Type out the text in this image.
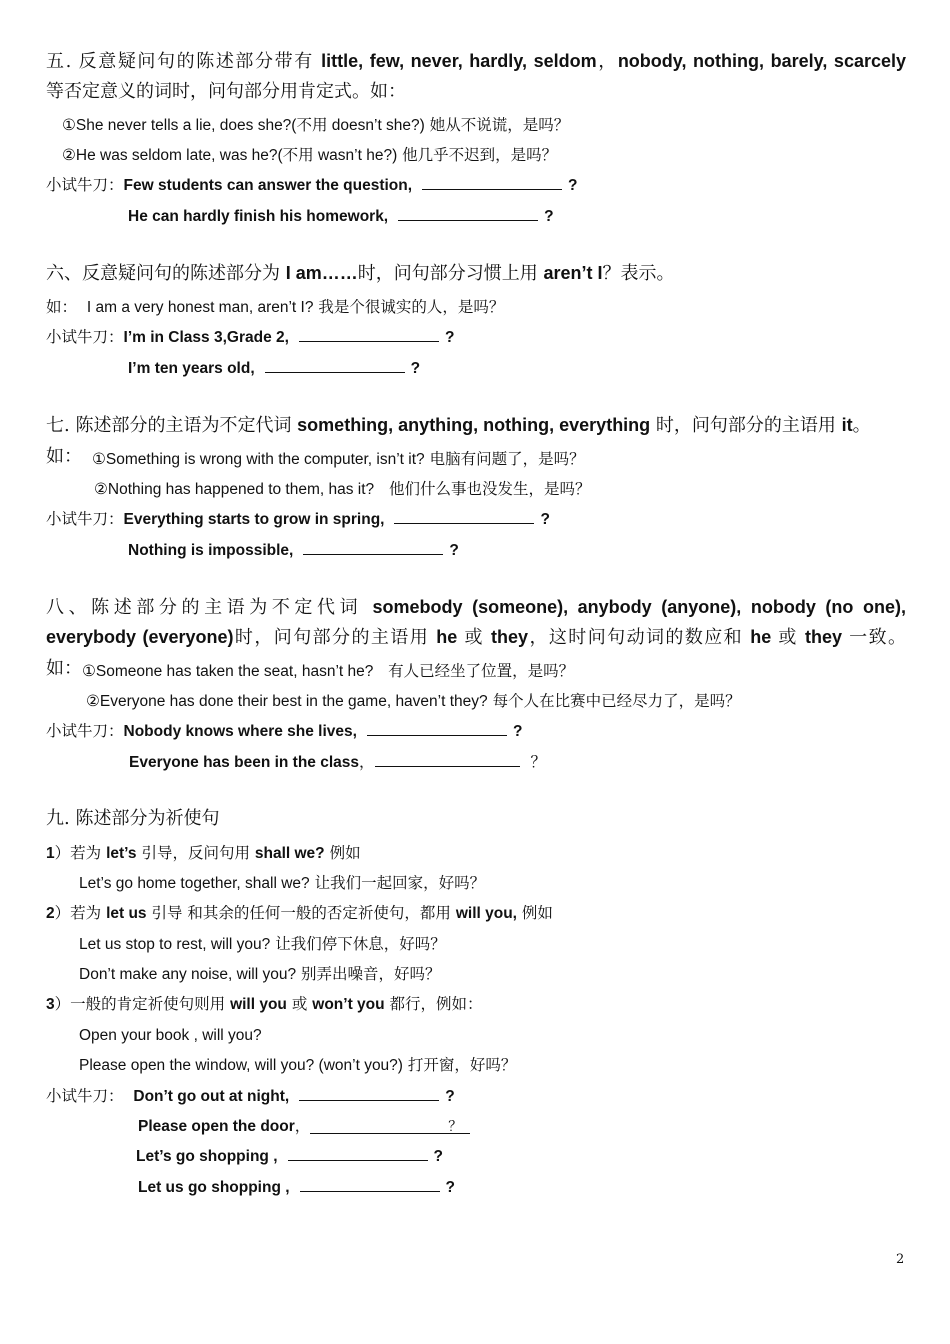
五. 反意疑问句的陈述部分带有 little, few, never, hardly, seldom，nobody, nothing, barely, scarcely
等否定意义的词时，问句部分用肯定式。如：
①She never tells a lie, does she?(不用 doesn’t she?) 她从不说谎，是吗？
②He was seldom late, was he?(不用 wasn’t he?) 他几乎不迟到，是吗？
小试牛刀：Few students can answer the question,	?
He can hardly finish his homework,	?
六、反意疑问句的陈述部分为 I am……时，问句部分习惯上用 aren’t I？表示。
如： I am a very honest man, aren’t I? 我是个很诚实的人，是吗？
小试牛刀：I’m in Class 3,Grade 2,	?
I’m ten years old,	?
七. 陈述部分的主语为不定代词 something, anything, nothing, everything 时，问句部分的主语用 it。
如： ①Something is wrong with the computer, isn’t it? 电脑有问题了，是吗？
②Nothing has happened to them, has it? 他们什么事也没发生，是吗？
小试牛刀：Everything starts to grow in spring,	?
Nothing is impossible,	?
八、陈述部分的主语为不定代词 somebody (someone), anybody (anyone), nobody (no one),
everybody (everyone)时，问句部分的主语用 he 或 they，这时问句动词的数应和 he 或 they 一致。
如： ①Someone has taken the seat, hasn’t he? 有人已经坐了位置，是吗？
②Everyone has done their best in the game, haven’t they? 每个人在比赛中已经尽力了，是吗？
小试牛刀：Nobody knows where she lives,	?
Everyone has been in the class，	？
九. 陈述部分为祈使句
1）若为 let’s 引导，反问句用 shall we? 例如
Let’s go home together, shall we? 让我们一起回家，好吗？
2）若为 let us 引导 和其余的任何一般的否定祈使句，都用 will you, 例如
Let us stop to rest, will you? 让我们停下休息，好吗？
Don’t make any noise, will you? 别弄出噪音，好吗？
3）一般的肯定祈使句则用 will you 或 won’t you 都行，例如：
Open your book , will you?
Please open the window, will you? (won’t you?) 打开窗，好吗？
小试牛刀： Don’t go out at night,	?
Please open the door，	？
Let’s go shopping ,	?
Let us go shopping ,	?
2
